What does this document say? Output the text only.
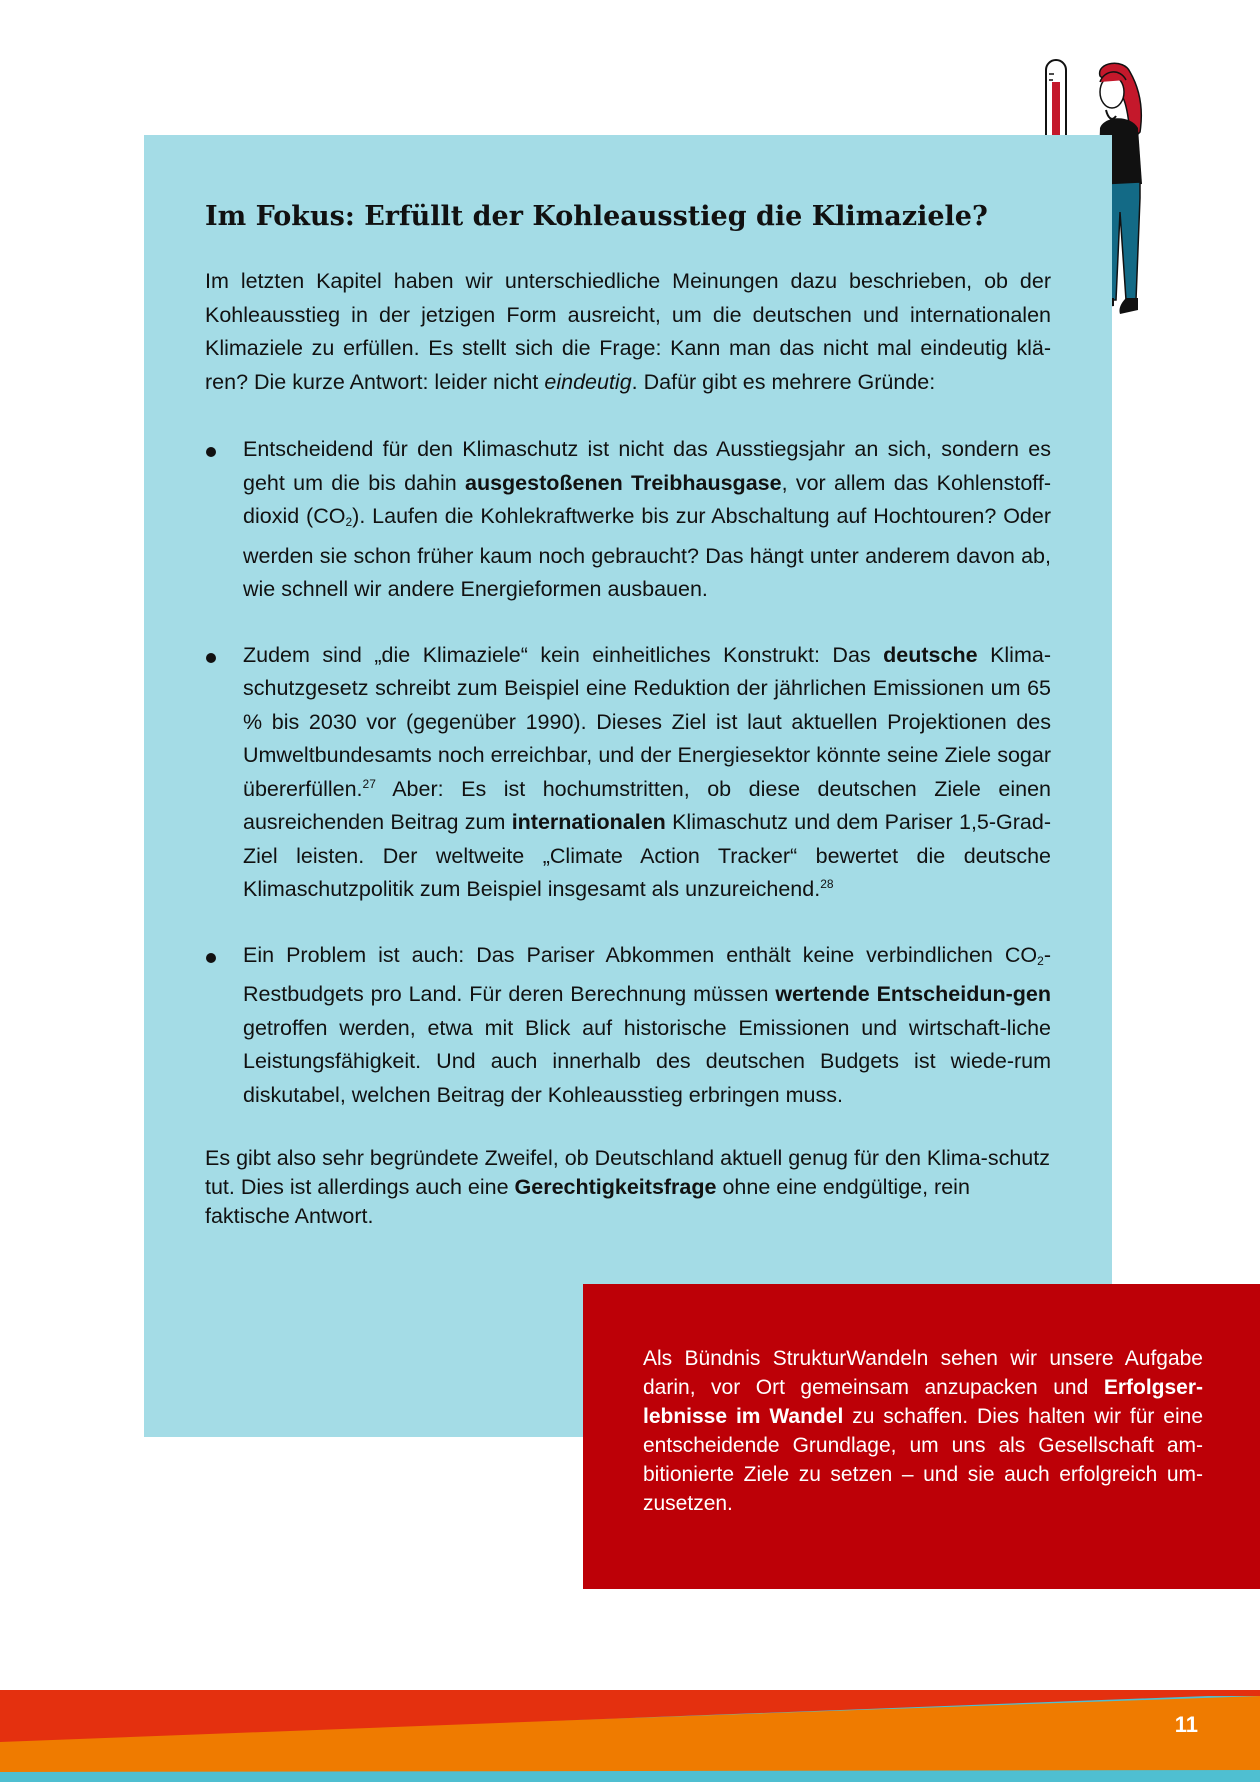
Im Fokus: Erfüllt der Kohleausstieg die Klimaziele?

Im letzten Kapitel haben wir unterschiedliche Meinungen dazu beschrieben, ob der Kohleausstieg in der jetzigen Form ausreicht, um die deutschen und internationalen Klimaziele zu erfüllen. Es stellt sich die Frage: Kann man das nicht mal eindeutig klä-ren? Die kurze Antwort: leider nicht eindeutig. Dafür gibt es mehrere Gründe:

Entscheidend für den Klimaschutz ist nicht das Ausstiegsjahr an sich, sondern es geht um die bis dahin ausgestoßenen Treibhausgase, vor allem das Kohlenstoff-dioxid $(CO_2)$. Laufen die Kohlekraftwerke bis zur Abschaltung auf Hochtouren? Oder werden sie schon früher kaum noch gebraucht? Das hängt unter anderem davon ab, wie schnell wir andere Energieformen ausbauen.
Zudem sind „die Klimaziele“ kein einheitliches Konstrukt: Das deutsche Klima-schutzgesetz schreibt zum Beispiel eine Reduktion der jährlichen Emissionen um 65 % bis 2030 vor (gegenüber 1990). Dieses Ziel ist laut aktuellen Projektionen des Umweltbundesamts noch erreichbar, und der Energiesektor könnte seine Ziele sogar übererfüllen.$^{27}$ Aber: Es ist hochumstritten, ob diese deutschen Ziele einen ausreichenden Beitrag zum internationalen Klimaschutz und dem Pariser 1,5-Grad-Ziel leisten. Der weltweite „Climate Action Tracker“ bewertet die deutsche Klimaschutzpolitik zum Beispiel insgesamt als unzureichend.$^{28}$
Ein Problem ist auch: Das Pariser Abkommen enthält keine verbindlichen $CO_2$-Restbudgets pro Land. Für deren Berechnung müssen wertende Entscheidun-gen getroffen werden, etwa mit Blick auf historische Emissionen und wirtschaft-liche Leistungsfähigkeit. Und auch innerhalb des deutschen Budgets ist wiede-rum diskutabel, welchen Beitrag der Kohleausstieg erbringen muss.

Es gibt also sehr begründete Zweifel, ob Deutschland aktuell genug für den Klima-schutz tut. Dies ist allerdings auch eine Gerechtigkeitsfrage ohne eine endgültige, rein faktische Antwort.

Als Bündnis StrukturWandeln sehen wir unsere Aufgabe darin, vor Ort gemeinsam anzupacken und Erfolgser-lebnisse im Wandel zu schaffen. Dies halten wir für eine entscheidende Grundlage, um uns als Gesellschaft am-bitionierte Ziele zu setzen – und sie auch erfolgreich um-zusetzen.

11
